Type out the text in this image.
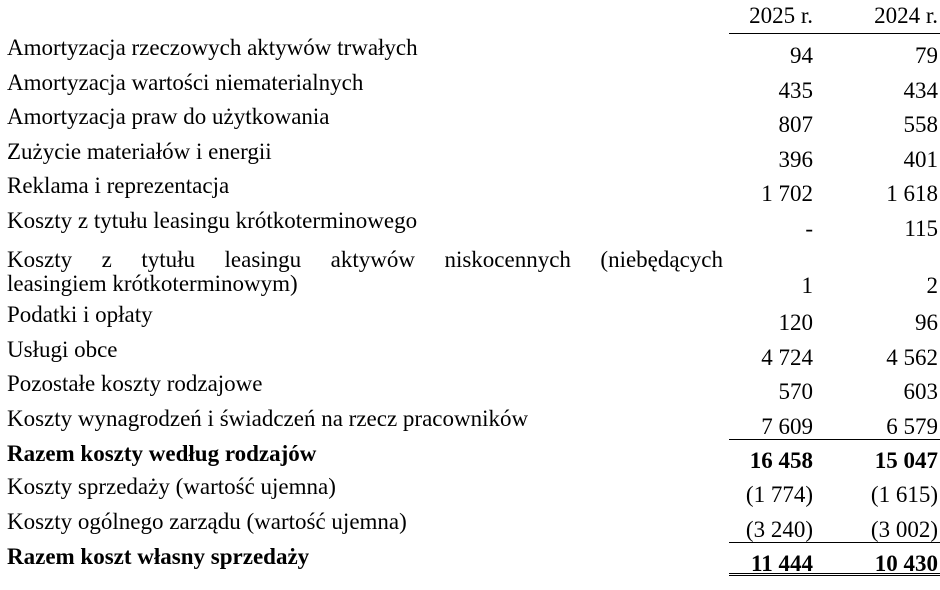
2025 r.	2024 r.
Amortyzacja rzeczowych aktywów trwałych	94	79
Amortyzacja wartości niematerialnych	435	434
Amortyzacja praw do użytkowania	807	558
Zużycie materiałów i energii	396	401
Reklama i reprezentacja	1 702	1 618
Koszty z tytułu leasingu krótkoterminowego	-	115
Koszty z tytułu leasingu aktywów niskocennych (niebędących
leasingiem krótkoterminowym)	1	2
Podatki i opłaty	120	96
Usługi obce	4 724	4 562
Pozostałe koszty rodzajowe	570	603
Koszty wynagrodzeń i świadczeń na rzecz pracowników	7 609	6 579
Razem koszty według rodzajów	16 458	15 047
Koszty sprzedaży (wartość ujemna)	(1 774)	(1 615)
Koszty ogólnego zarządu (wartość ujemna)	(3 240)	(3 002)
Razem koszt własny sprzedaży	11 444	10 430
